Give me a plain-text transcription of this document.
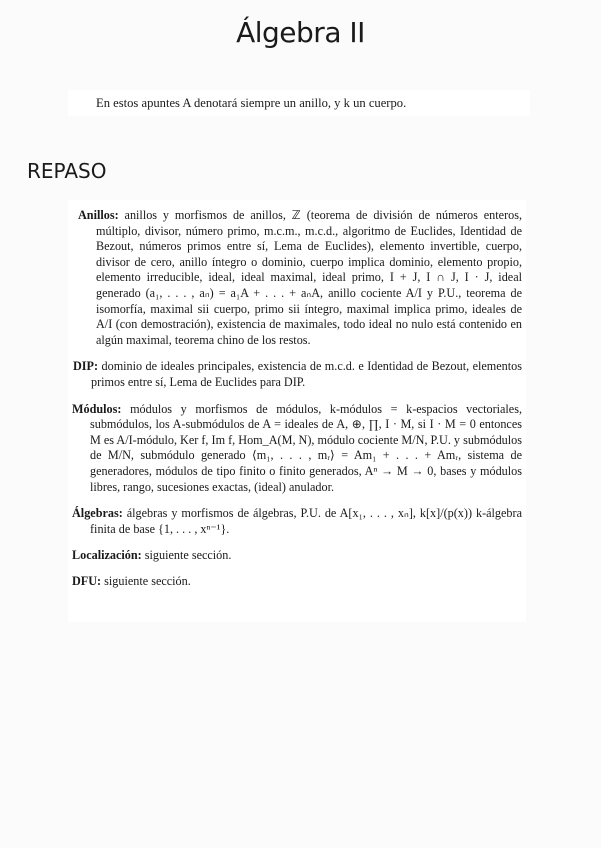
Álgebra II
En estos apuntes A denotará siempre un anillo, y k un cuerpo.
REPASO
Anillos: anillos y morfismos de anillos, ℤ (teorema de división de números enteros, múltiplo, divisor, número primo, m.c.m., m.c.d., algoritmo de Euclides, Identidad de Bezout, números primos entre sí, Lema de Euclides), elemento invertible, cuerpo, divisor de cero, anillo íntegro o dominio, cuerpo implica dominio, elemento propio, elemento irreducible, ideal, ideal maximal, ideal primo, I + J, I ∩ J, I · J, ideal generado (a₁, . . . , aₙ) = a₁A + . . . + aₙA, anillo cociente A/I y P.U., teorema de isomorfía, maximal sii cuerpo, primo sii íntegro, maximal implica primo, ideales de A/I (con demostración), existencia de maximales, todo ideal no nulo está contenido en algún maximal, teorema chino de los restos.
DIP: dominio de ideales principales, existencia de m.c.d. e Identidad de Bezout, elementos primos entre sí, Lema de Euclides para DIP.
Módulos: módulos y morfismos de módulos, k-módulos = k-espacios vectoriales, submódulos, los A-submódulos de A = ideales de A, ⊕, ∏, I · M, si I · M = 0 entonces M es A/I-módulo, Ker f, Im f, Hom_A(M, N), módulo cociente M/N, P.U. y submódulos de M/N, submódulo generado ⟨m₁, . . . , mᵣ⟩ = Am₁ + . . . + Amᵣ, sistema de generadores, módulos de tipo finito o finito generados, Aⁿ → M → 0, bases y módulos libres, rango, sucesiones exactas, (ideal) anulador.
Álgebras: álgebras y morfismos de álgebras, P.U. de A[x₁, . . . , xₙ], k[x]/(p(x)) k-álgebra finita de base {1, . . . , xⁿ⁻¹}.
Localización: siguiente sección.
DFU: siguiente sección.
